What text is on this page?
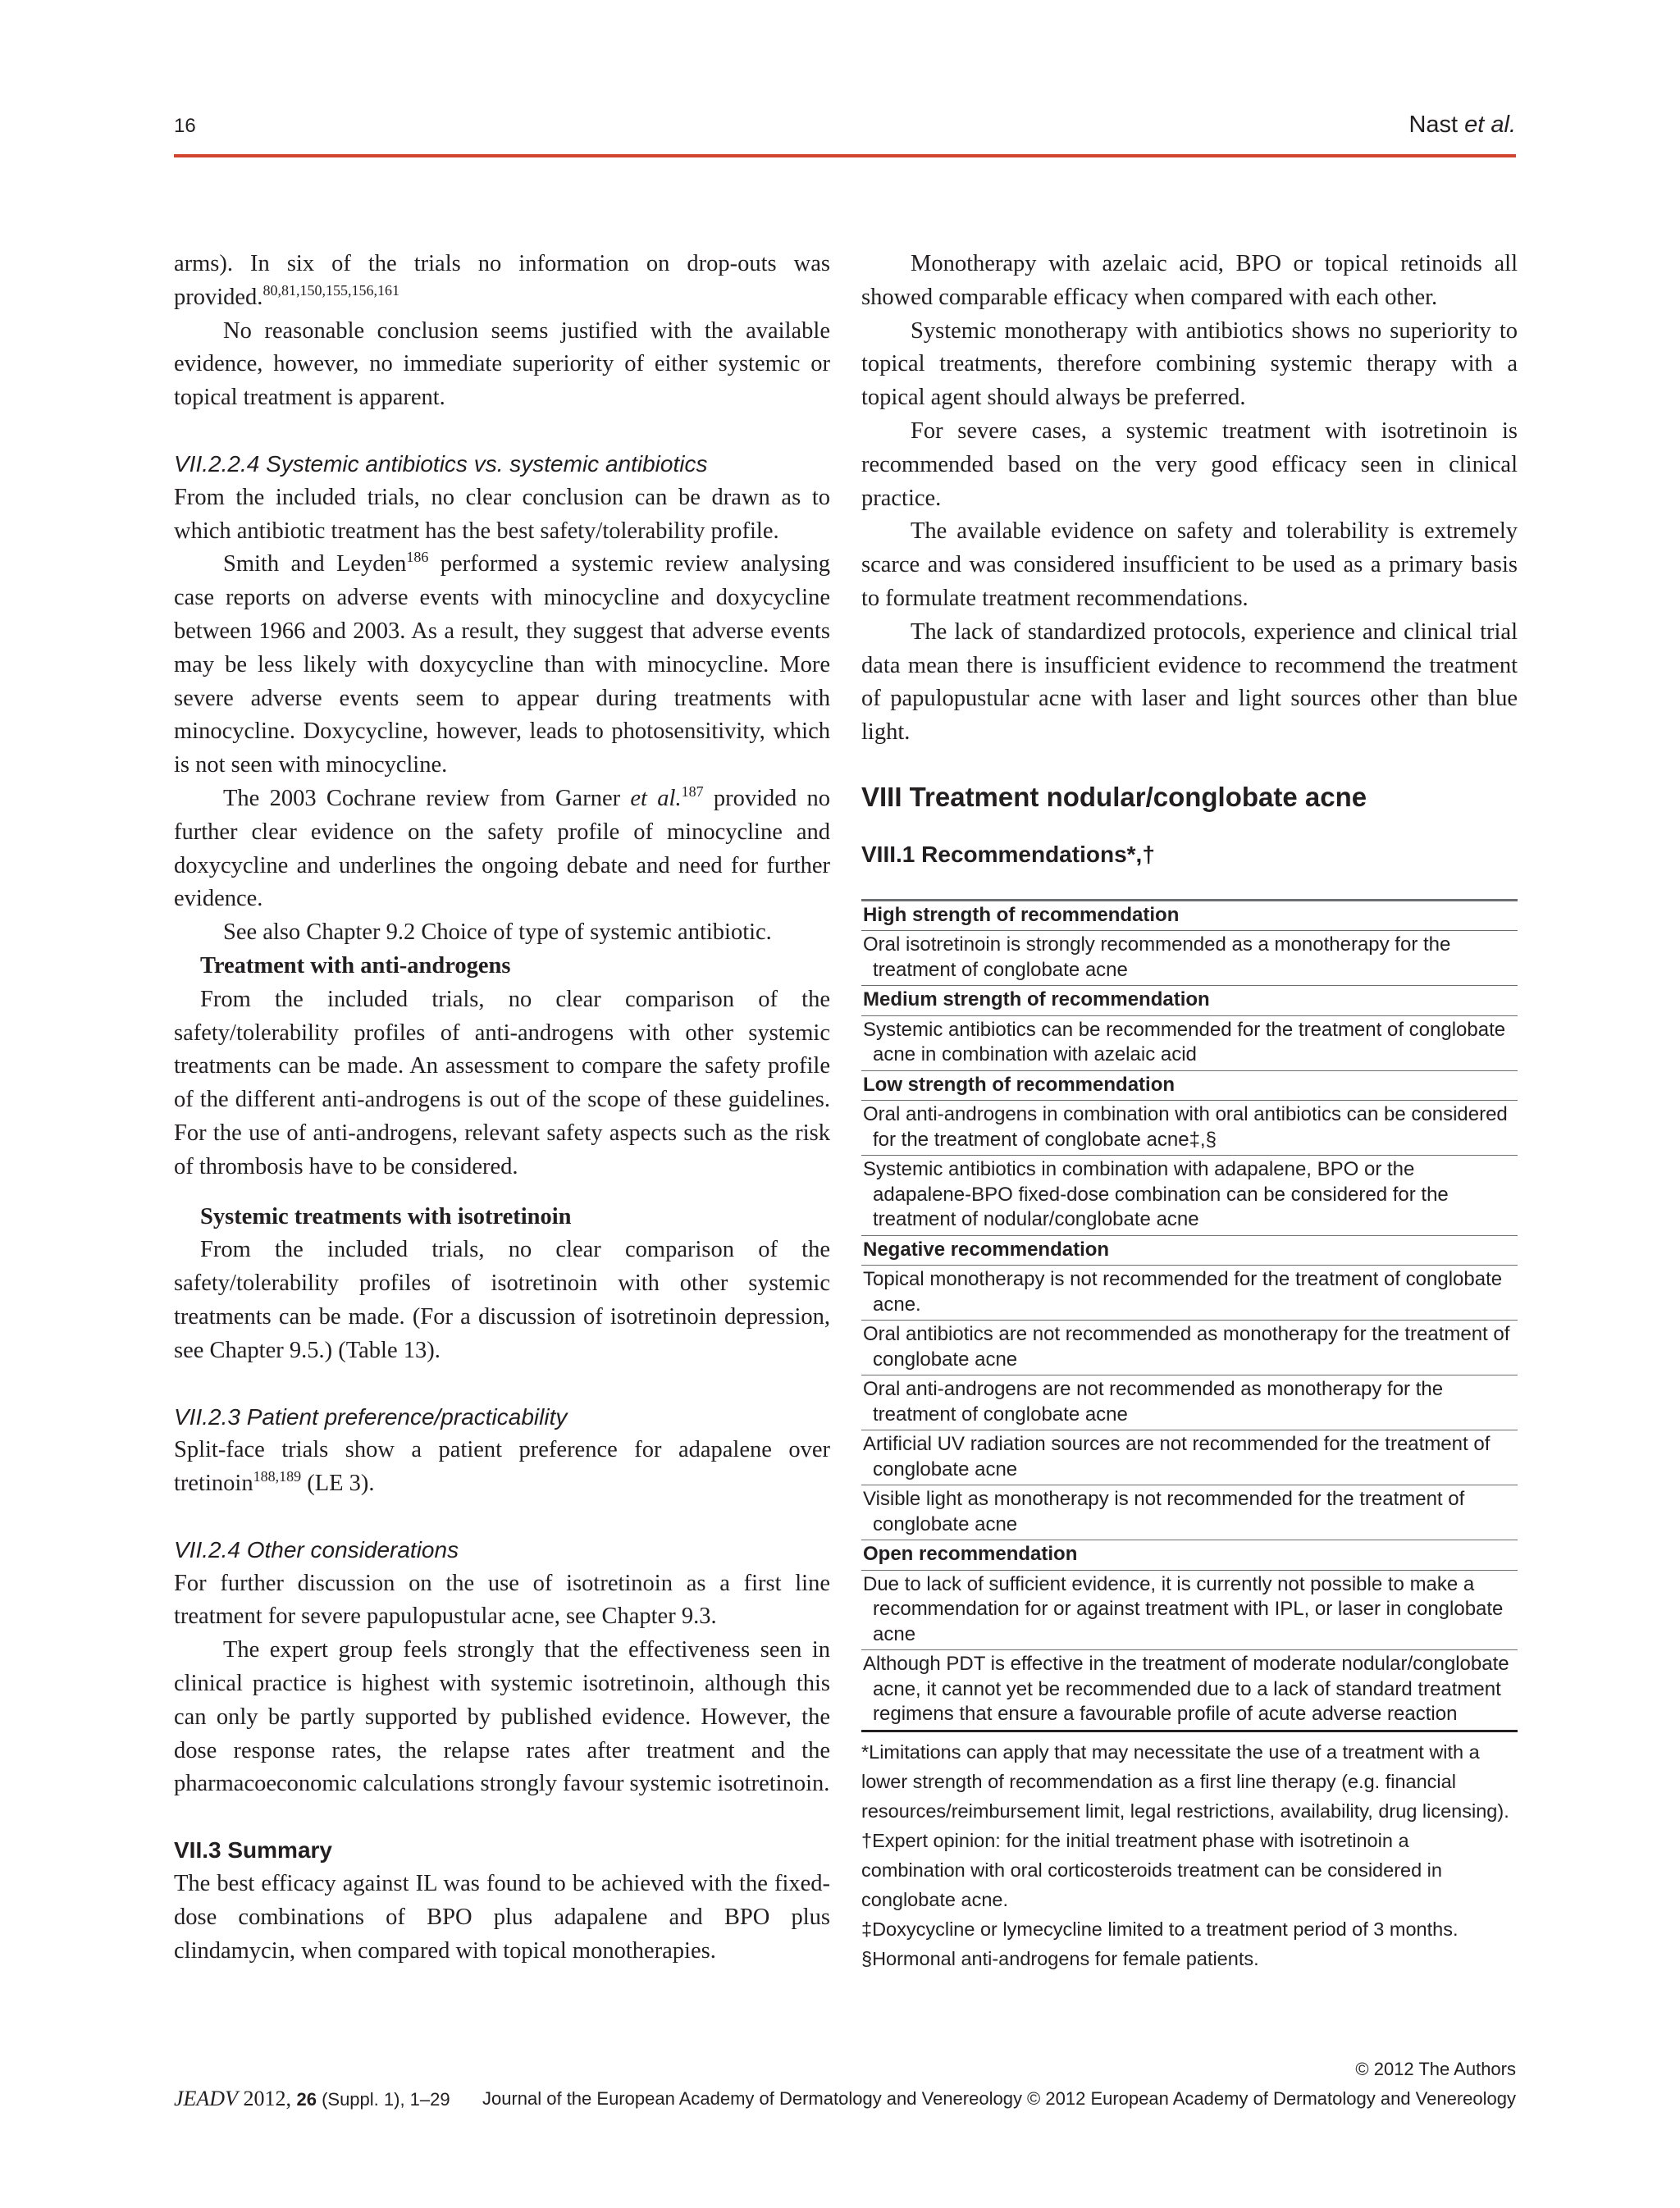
16	Nast et al.

arms). In six of the trials no information on drop-outs was provided.$^{80,81,150,155,156,161}$

No reasonable conclusion seems justified with the available evidence, however, no immediate superiority of either systemic or topical treatment is apparent.

VII.2.2.4 Systemic antibiotics vs. systemic antibiotics

From the included trials, no clear conclusion can be drawn as to which antibiotic treatment has the best safety/tolerability profile.

Smith and Leyden$^{186}$ performed a systemic review analysing case reports on adverse events with minocycline and doxycycline between 1966 and 2003. As a result, they suggest that adverse events may be less likely with doxycycline than with minocycline. More severe adverse events seem to appear during treatments with minocycline. Doxycycline, however, leads to photosensitivity, which is not seen with minocycline.

The 2003 Cochrane review from Garner et al.$^{187}$ provided no further clear evidence on the safety profile of minocycline and doxycycline and underlines the ongoing debate and need for further evidence.

See also Chapter 9.2 Choice of type of systemic antibiotic.

Treatment with anti-androgens

From the included trials, no clear comparison of the safety/tolerability profiles of anti-androgens with other systemic treatments can be made. An assessment to compare the safety profile of the different anti-androgens is out of the scope of these guidelines. For the use of anti-androgens, relevant safety aspects such as the risk of thrombosis have to be considered.

Systemic treatments with isotretinoin

From the included trials, no clear comparison of the safety/tolerability profiles of isotretinoin with other systemic treatments can be made. (For a discussion of isotretinoin depression, see Chapter 9.5.) (Table 13).

VII.2.3 Patient preference/practicability

Split-face trials show a patient preference for adapalene over tretinoin$^{188,189}$ (LE 3).

VII.2.4 Other considerations

For further discussion on the use of isotretinoin as a first line treatment for severe papulopustular acne, see Chapter 9.3.

The expert group feels strongly that the effectiveness seen in clinical practice is highest with systemic isotretinoin, although this can only be partly supported by published evidence. However, the dose response rates, the relapse rates after treatment and the pharmacoeconomic calculations strongly favour systemic isotretinoin.

VII.3 Summary

The best efficacy against IL was found to be achieved with the fixed-dose combinations of BPO plus adapalene and BPO plus clindamycin, when compared with topical monotherapies.

Monotherapy with azelaic acid, BPO or topical retinoids all showed comparable efficacy when compared with each other.

Systemic monotherapy with antibiotics shows no superiority to topical treatments, therefore combining systemic therapy with a topical agent should always be preferred.

For severe cases, a systemic treatment with isotretinoin is recommended based on the very good efficacy seen in clinical practice.

The available evidence on safety and tolerability is extremely scarce and was considered insufficient to be used as a primary basis to formulate treatment recommendations.

The lack of standardized protocols, experience and clinical trial data mean there is insufficient evidence to recommend the treatment of papulopustular acne with laser and light sources other than blue light.

VIII Treatment nodular/conglobate acne

VIII.1 Recommendations*,†

High strength of recommendation

Oral isotretinoin is strongly recommended as a monotherapy for the treatment of conglobate acne

Medium strength of recommendation

Systemic antibiotics can be recommended for the treatment of conglobate acne in combination with azelaic acid

Low strength of recommendation

Oral anti-androgens in combination with oral antibiotics can be considered for the treatment of conglobate acne‡,§

Systemic antibiotics in combination with adapalene, BPO or the adapalene-BPO fixed-dose combination can be considered for the treatment of nodular/conglobate acne

Negative recommendation

Topical monotherapy is not recommended for the treatment of conglobate acne.

Oral antibiotics are not recommended as monotherapy for the treatment of conglobate acne

Oral anti-androgens are not recommended as monotherapy for the treatment of conglobate acne

Artificial UV radiation sources are not recommended for the treatment of conglobate acne

Visible light as monotherapy is not recommended for the treatment of conglobate acne

Open recommendation

Due to lack of sufficient evidence, it is currently not possible to make a recommendation for or against treatment with IPL, or laser in conglobate acne

Although PDT is effective in the treatment of moderate nodular/conglobate acne, it cannot yet be recommended due to a lack of standard treatment regimens that ensure a favourable profile of acute adverse reaction

*Limitations can apply that may necessitate the use of a treatment with a lower strength of recommendation as a first line therapy (e.g. financial resources/reimbursement limit, legal restrictions, availability, drug licensing).

†Expert opinion: for the initial treatment phase with isotretinoin a combination with oral corticosteroids treatment can be considered in conglobate acne.

‡Doxycycline or lymecycline limited to a treatment period of 3 months.

§Hormonal anti-androgens for female patients.

© 2012 The Authors
JEADV 2012, 26 (Suppl. 1), 1–29 Journal of the European Academy of Dermatology and Venereology © 2012 European Academy of Dermatology and Venereology
